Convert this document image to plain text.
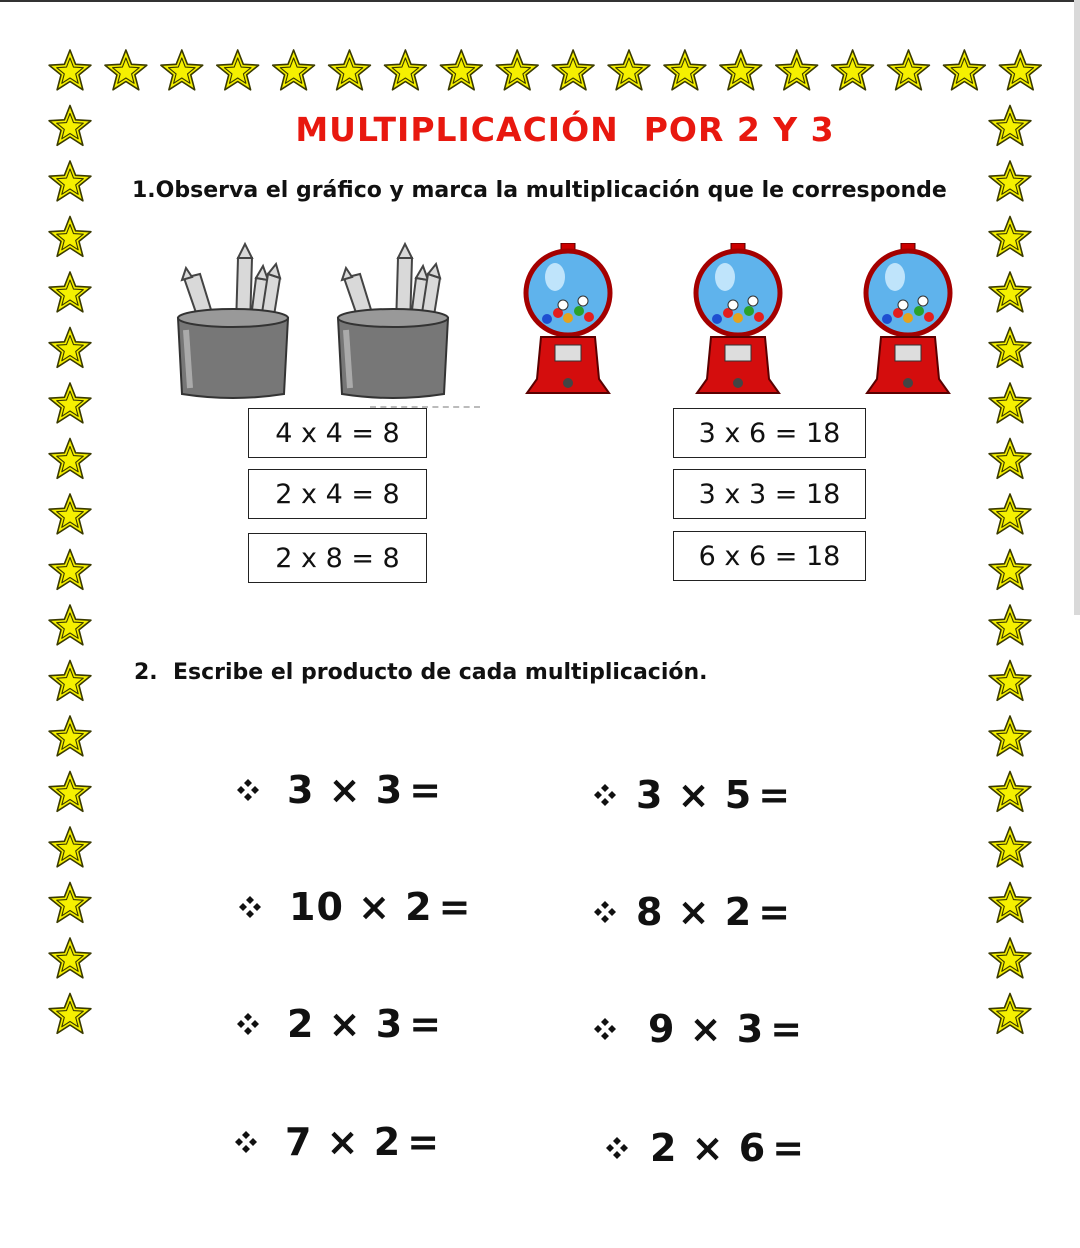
MULTIPLICACIÓN  POR 2 Y 3
1.Observa el gráfico y marca la multiplicación que le corresponde
4 x 4 = 8
2 x 4 = 8
2 x 8 = 8
3 x 6 = 18
3 x 3 = 18
6 x 6 = 18
2.  Escribe el producto de cada multiplicación.
3 × 3 =
10 × 2 =
2 × 3 =
7 × 2 =
3 × 5 =
8 × 2 =
9 × 3 =
2 × 6 =
